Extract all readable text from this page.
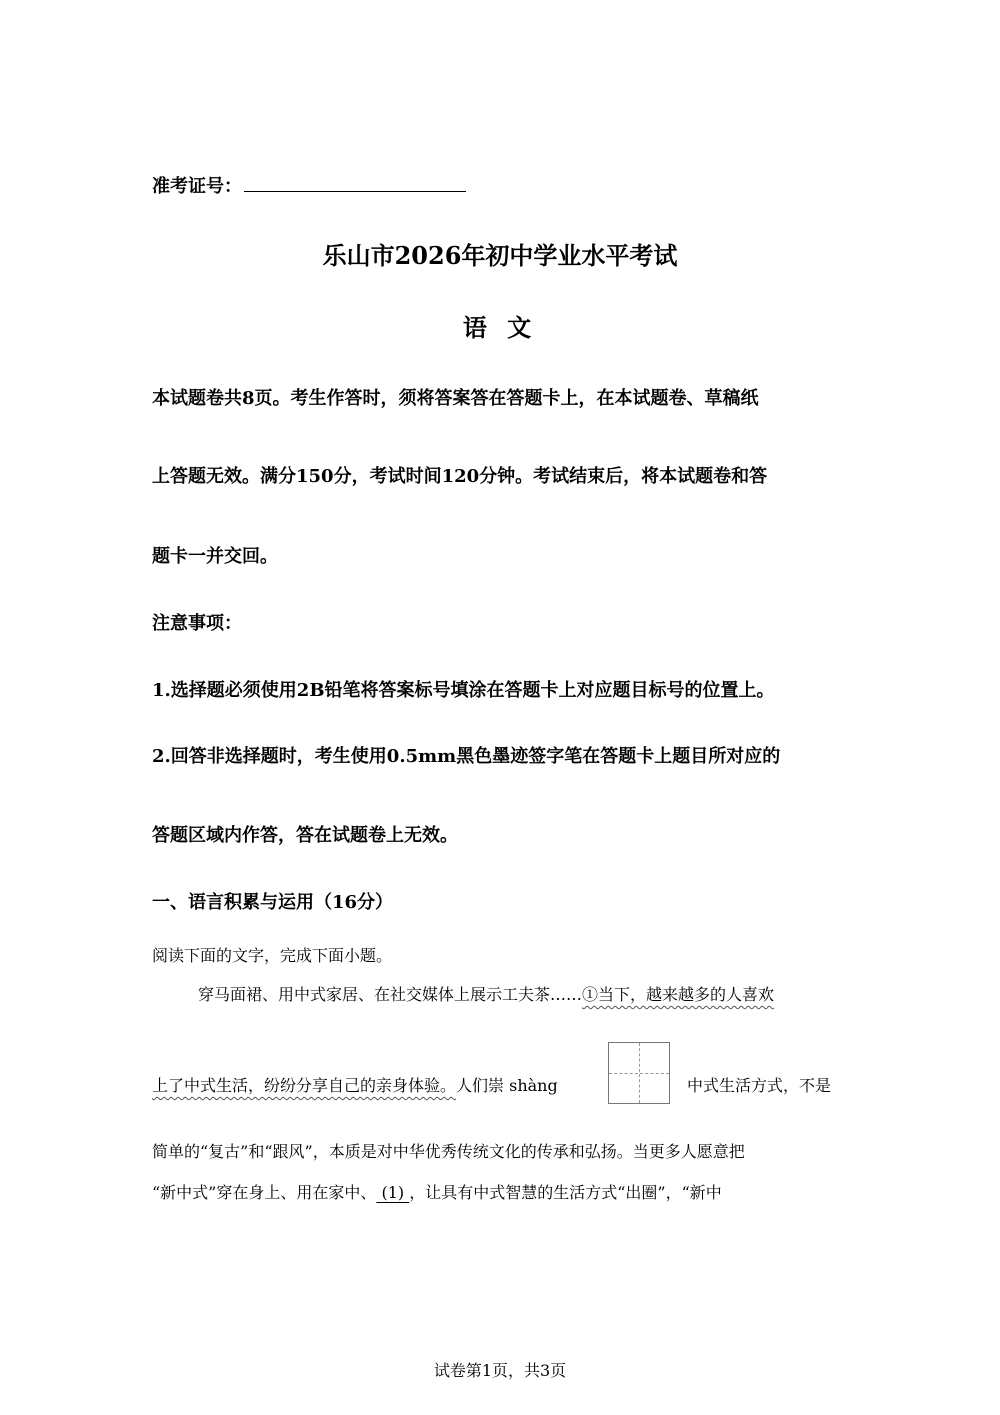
准考证号：
乐山市2026年初中学业水平考试
语 文
本试题卷共8页。考生作答时，须将答案答在答题卡上，在本试题卷、草稿纸
上答题无效。满分150分，考试时间120分钟。考试结束后，将本试题卷和答
题卡一并交回。
注意事项：
1.选择题必须使用2B铅笔将答案标号填涂在答题卡上对应题目标号的位置上。
2.回答非选择题时，考生使用0.5mm黑色墨迹签字笔在答题卡上题目所对应的
答题区域内作答，答在试题卷上无效。
一、语言积累与运用（16分）
阅读下面的文字，完成下面小题。
穿马面裙、用中式家居、在社交媒体上展示工夫茶……①当下，越来越多的人喜欢
上了中式生活，纷纷分享自己的亲身体验。人们崇 shàng	中式生活方式，不是
简单的“复古”和“跟风”，本质是对中华优秀传统文化的传承和弘扬。当更多人愿意把
“新中式”穿在身上、用在家中、 (1) ，让具有中式智慧的生活方式“出圈”，“新中
试卷第1页，共3页
